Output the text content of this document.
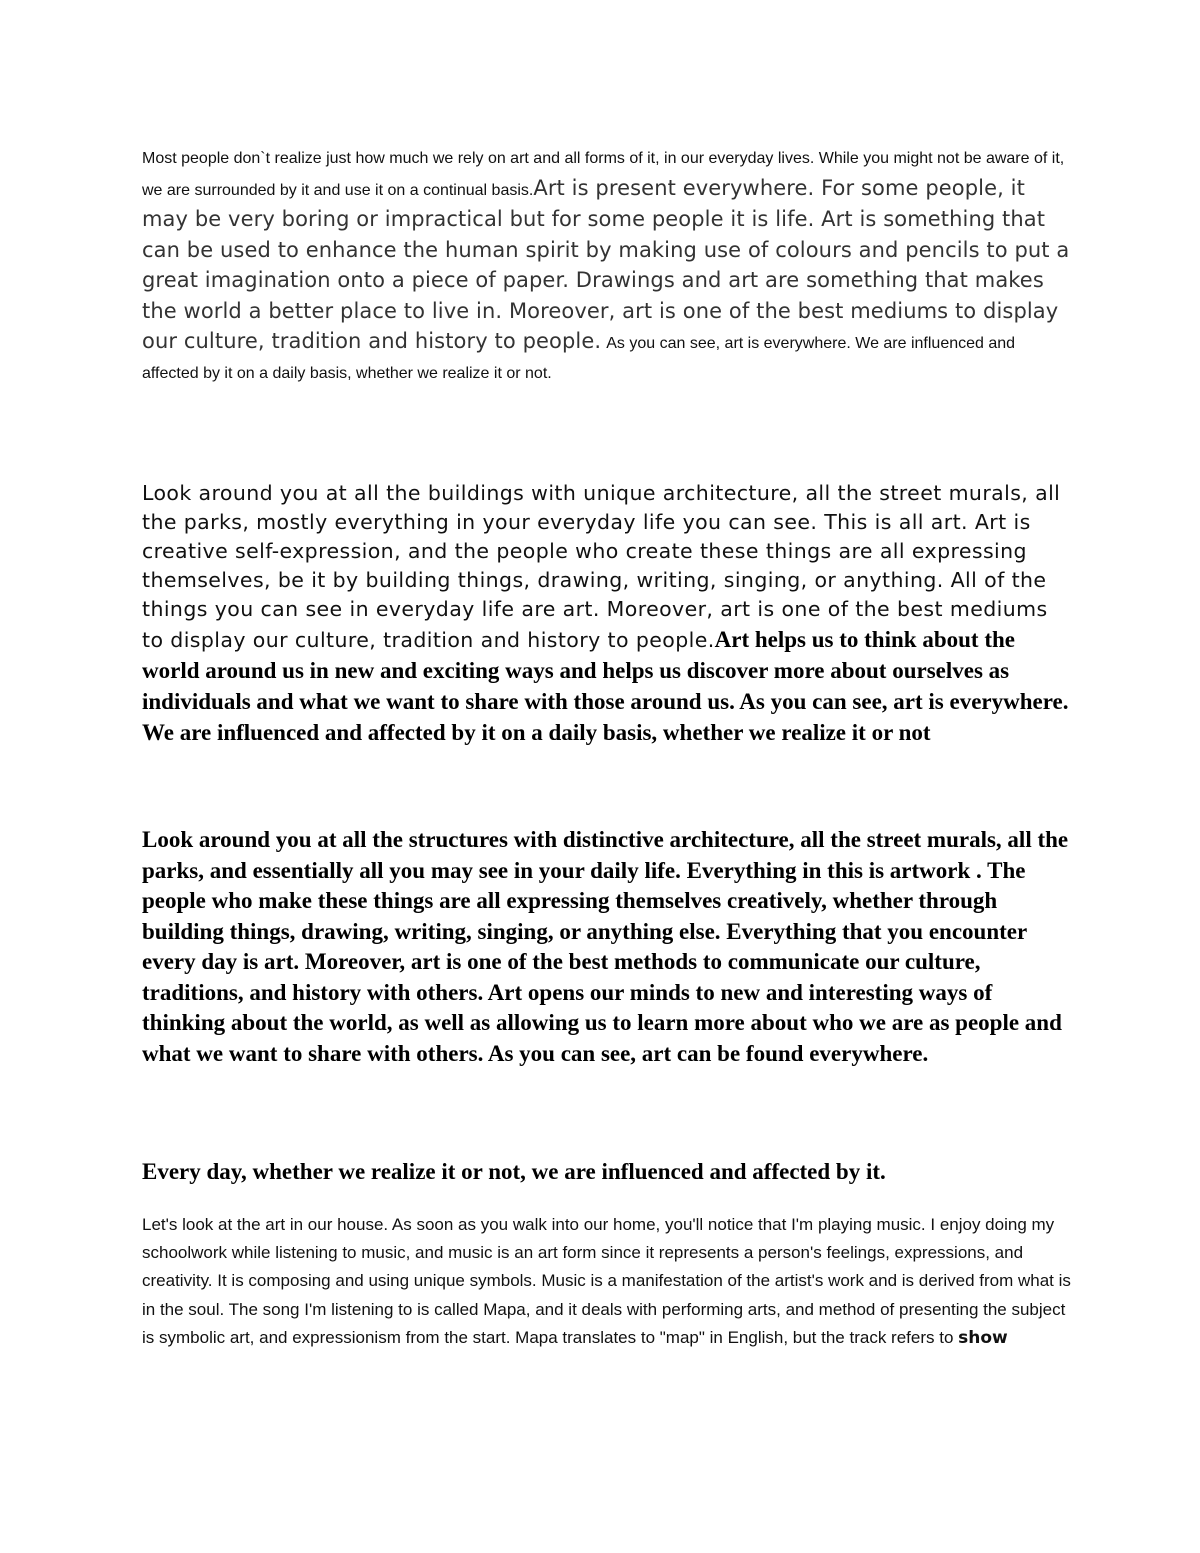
Most people don`t realize just how much we rely on art and all forms of it, in our everyday lives. While you might not be aware of it, we are surrounded by it and use it on a continual basis.Art is present everywhere. For some people, it may be very boring or impractical but for some people it is life. Art is something that can be used to enhance the human spirit by making use of colours and pencils to put a great imagination onto a piece of paper. Drawings and art are something that makes the world a better place to live in. Moreover, art is one of the best mediums to display our culture, tradition and history to people. As you can see, art is everywhere. We are influenced and affected by it on a daily basis, whether we realize it or not.

Look around you at all the buildings with unique architecture, all the street murals, all the parks, mostly everything in your everyday life you can see. This is all art. Art is creative self-expression, and the people who create these things are all expressing themselves, be it by building things, drawing, writing, singing, or anything. All of the things you can see in everyday life are art. Moreover, art is one of the best mediums to display our culture, tradition and history to people.Art helps us to think about the world around us in new and exciting ways and helps us discover more about ourselves as individuals and what we want to share with those around us. As you can see, art is everywhere. We are influenced and affected by it on a daily basis, whether we realize it or not

Look around you at all the structures with distinctive architecture, all the street murals, all the parks, and essentially all you may see in your daily life. Everything in this is artwork . The people who make these things are all expressing themselves creatively, whether through building things, drawing, writing, singing, or anything else. Everything that you encounter every day is art. Moreover, art is one of the best methods to communicate our culture, traditions, and history with others. Art opens our minds to new and interesting ways of thinking about the world, as well as allowing us to learn more about who we are as people and what we want to share with others. As you can see, art can be found everywhere.

Every day, whether we realize it or not, we are influenced and affected by it.

Let's look at the art in our house. As soon as you walk into our home, you'll notice that I'm playing music. I enjoy doing my schoolwork while listening to music, and music is an art form since it represents a person's feelings, expressions, and creativity. It is composing and using unique symbols. Music is a manifestation of the artist's work and is derived from what is in the soul. The song I'm listening to is called Mapa, and it deals with performing arts, and method of presenting the subject is symbolic art, and expressionism from the start. Mapa translates to "map" in English, but the track refers to show
